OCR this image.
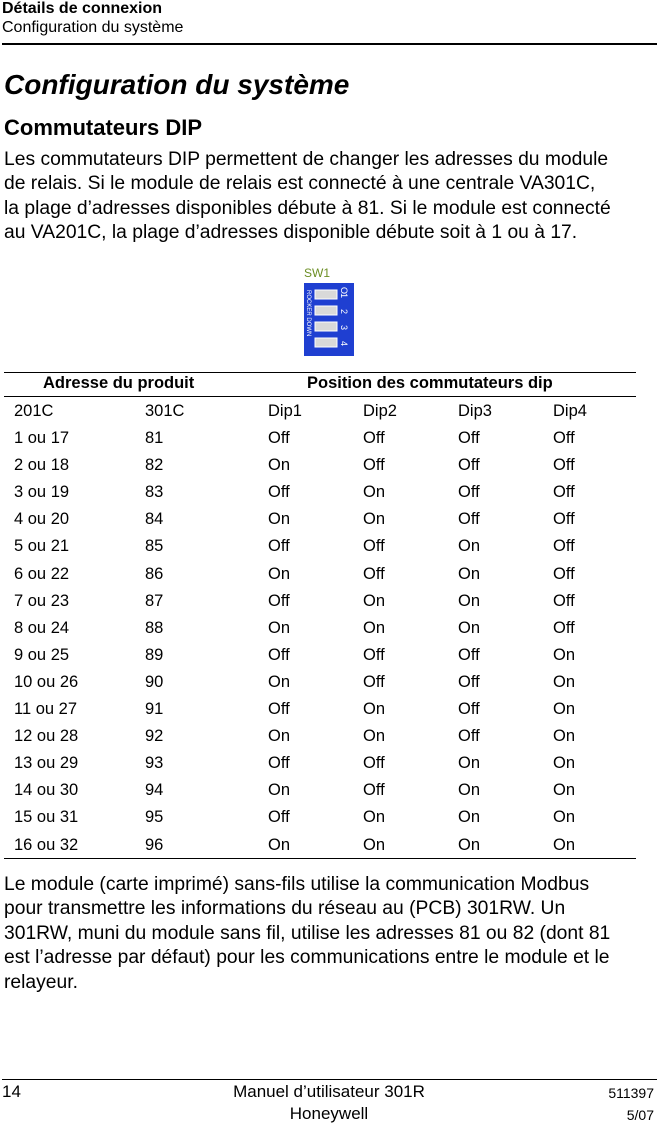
Détails de connexion
Configuration du système
Configuration du système
Commutateurs DIP

Les commutateurs DIP permettent de changer les adresses du module
de relais. Si le module de relais est connecté à une centrale VA301C,
la plage d’adresses disponibles débute à 81. Si le module est connecté
au VA201C, la plage d’adresses disponible débute soit à 1 ou à 17.

SW1
ROCKER DOWN	O
1
2
3
4
Adresse du produit	Position des commutateurs dip
201C	301C	Dip1	Dip2	Dip3	Dip4
1 ou 17	81	Off	Off	Off	Off
2 ou 18	82	On	Off	Off	Off
3 ou 19	83	Off	On	Off	Off
4 ou 20	84	On	On	Off	Off
5 ou 21	85	Off	Off	On	Off
6 ou 22	86	On	Off	On	Off
7 ou 23	87	Off	On	On	Off
8 ou 24	88	On	On	On	Off
9 ou 25	89	Off	Off	Off	On
10 ou 26	90	On	Off	Off	On
11 ou 27	91	Off	On	Off	On
12 ou 28	92	On	On	Off	On
13 ou 29	93	Off	Off	On	On
14 ou 30	94	On	Off	On	On
15 ou 31	95	Off	On	On	On
16 ou 32	96	On	On	On	On

Le module (carte imprimé) sans-fils utilise la communication Modbus
pour transmettre les informations du réseau au (PCB) 301RW. Un
301RW, muni du module sans fil, utilise les adresses 81 ou 82 (dont 81
est l’adresse par défaut) pour les communications entre le module et le
relayeur.

14	Manuel d’utilisateur 301R
Honeywell
511397
5/07
